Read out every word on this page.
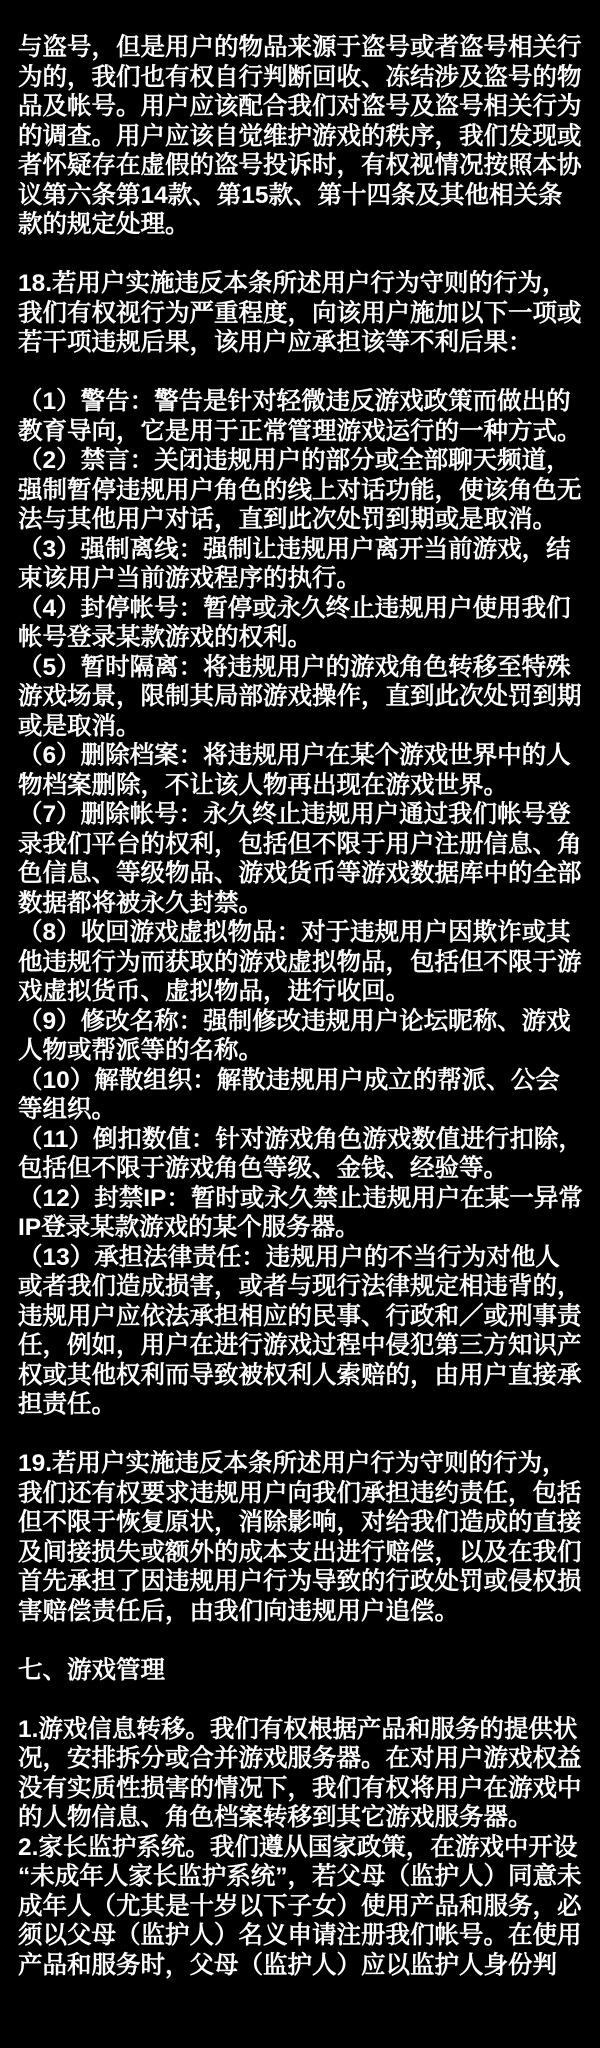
与盗号，但是用户的物品来源于盗号或者盗号相关行为的，我们也有权自行判断回收、冻结涉及盗号的物品及帐号。用户应该配合我们对盗号及盗号相关行为的调查。用户应该自觉维护游戏的秩序，我们发现或者怀疑存在虚假的盗号投诉时，有权视情况按照本协议第六条第14款、第15款、第十四条及其他相关条款的规定处理。
18.若用户实施违反本条所述用户行为守则的行为，我们有权视行为严重程度，向该用户施加以下一项或若干项违规后果，该用户应承担该等不利后果：
（1）警告：警告是针对轻微违反游戏政策而做出的教育导向，它是用于正常管理游戏运行的一种方式。
（2）禁言：关闭违规用户的部分或全部聊天频道，强制暂停违规用户角色的线上对话功能，使该角色无法与其他用户对话，直到此次处罚到期或是取消。
（3）强制离线：强制让违规用户离开当前游戏，结束该用户当前游戏程序的执行。
（4）封停帐号：暂停或永久终止违规用户使用我们帐号登录某款游戏的权利。
（5）暂时隔离：将违规用户的游戏角色转移至特殊游戏场景，限制其局部游戏操作，直到此次处罚到期或是取消。
（6）删除档案：将违规用户在某个游戏世界中的人物档案删除，不让该人物再出现在游戏世界。
（7）删除帐号：永久终止违规用户通过我们帐号登录我们平台的权利，包括但不限于用户注册信息、角色信息、等级物品、游戏货币等游戏数据库中的全部数据都将被永久封禁。
（8）收回游戏虚拟物品：对于违规用户因欺诈或其他违规行为而获取的游戏虚拟物品，包括但不限于游戏虚拟货币、虚拟物品，进行收回。
（9）修改名称：强制修改违规用户论坛昵称、游戏人物或帮派等的名称。
（10）解散组织：解散违规用户成立的帮派、公会等组织。
（11）倒扣数值：针对游戏角色游戏数值进行扣除，包括但不限于游戏角色等级、金钱、经验等。
（12）封禁IP：暂时或永久禁止违规用户在某一异常IP登录某款游戏的某个服务器。
（13）承担法律责任：违规用户的不当行为对他人或者我们造成损害，或者与现行法律规定相违背的，违规用户应依法承担相应的民事、行政和／或刑事责任，例如，用户在进行游戏过程中侵犯第三方知识产权或其他权利而导致被权利人索赔的，由用户直接承担责任。
19.若用户实施违反本条所述用户行为守则的行为，我们还有权要求违规用户向我们承担违约责任，包括但不限于恢复原状，消除影响，对给我们造成的直接及间接损失或额外的成本支出进行赔偿，以及在我们首先承担了因违规用户行为导致的行政处罚或侵权损害赔偿责任后，由我们向违规用户追偿。
七、游戏管理
1.游戏信息转移。我们有权根据产品和服务的提供状况，安排拆分或合并游戏服务器。在对用户游戏权益没有实质性损害的情况下，我们有权将用户在游戏中的人物信息、角色档案转移到其它游戏服务器。
2.家长监护系统。我们遵从国家政策，在游戏中开设“未成年人家长监护系统”，若父母（监护人）同意未成年人（尤其是十岁以下子女）使用产品和服务，必须以父母（监护人）名义申请注册我们帐号。在使用产品和服务时，父母（监护人）应以监护人身份判
